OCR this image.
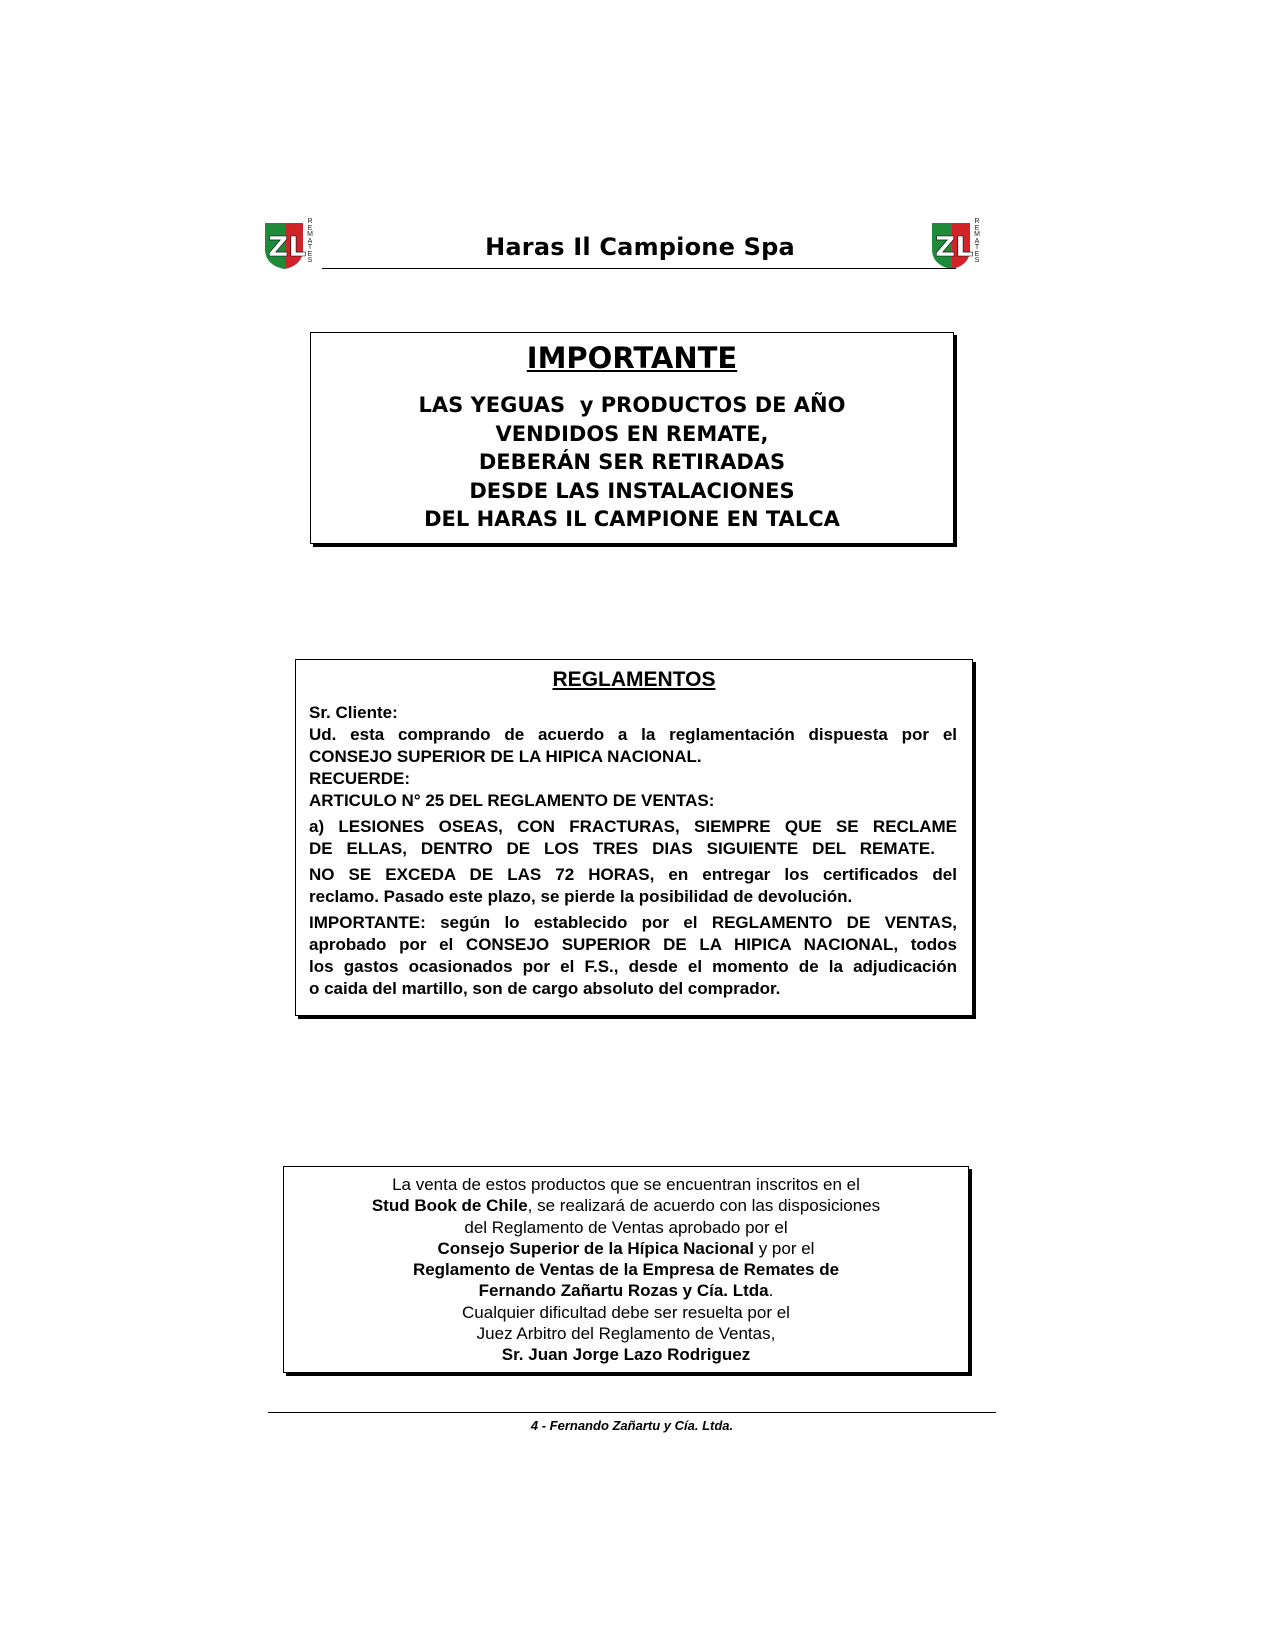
ZL
R
E
M
A
T
E
S	Haras Il Campione Spa	ZL
R
E
M
A
T
E
S
IMPORTANTE
LAS YEGUAS  y PRODUCTOS DE AÑO
VENDIDOS EN REMATE,
DEBERÁN SER RETIRADAS
DESDE LAS INSTALACIONES
DEL HARAS IL CAMPIONE EN TALCA
REGLAMENTOS
Sr. Cliente:
Ud. esta comprando de acuerdo a la reglamentación dispuesta por el
CONSEJO SUPERIOR DE LA HIPICA NACIONAL.
RECUERDE:
ARTICULO N° 25 DEL REGLAMENTO DE VENTAS:
a) LESIONES OSEAS, CON FRACTURAS, SIEMPRE QUE SE RECLAME
DE ELLAS, DENTRO DE LOS TRES DIAS SIGUIENTE DEL REMATE.
NO SE EXCEDA DE LAS 72 HORAS, en entregar los certificados del
reclamo. Pasado este plazo, se pierde la posibilidad de devolución.
IMPORTANTE: según lo establecido por el REGLAMENTO DE VENTAS,
aprobado por el CONSEJO SUPERIOR DE LA HIPICA NACIONAL, todos
los gastos ocasionados por el F.S., desde el momento de la adjudicación
o caida del martillo, son de cargo absoluto del comprador.
La venta de estos productos que se encuentran inscritos en el
Stud Book de Chile, se realizará de acuerdo con las disposiciones
del Reglamento de Ventas aprobado por el
Consejo Superior de la Hípica Nacional y por el
Reglamento de Ventas de la Empresa de Remates de
Fernando Zañartu Rozas y Cía. Ltda.
Cualquier dificultad debe ser resuelta por el
Juez Arbitro del Reglamento de Ventas,
Sr. Juan Jorge Lazo Rodriguez
4 - Fernando Zañartu y Cía. Ltda.
